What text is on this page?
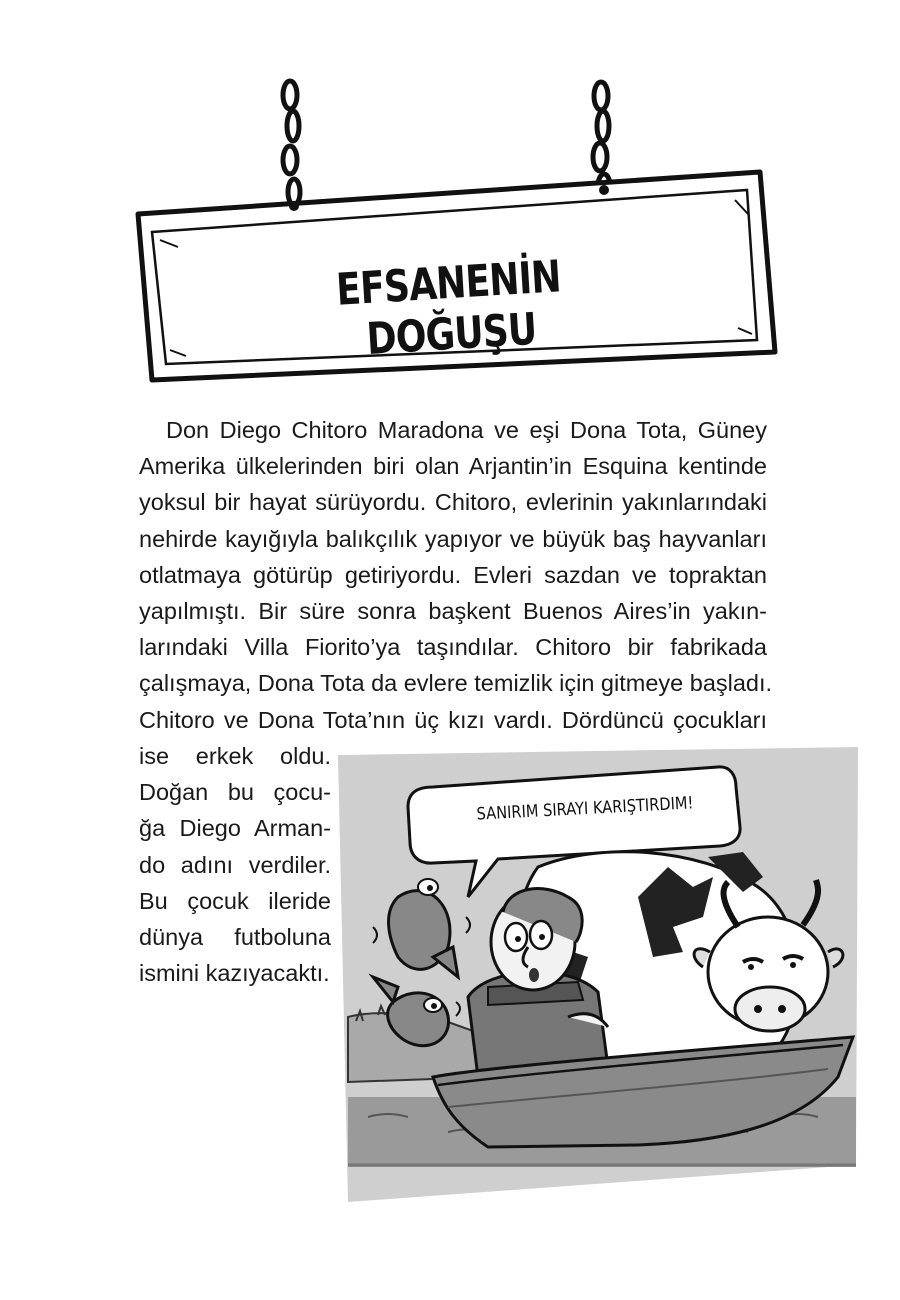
EFSANENİN DOĞUŞU
Don Diego Chitoro Maradona ve eşi Dona Tota, Güney
Amerika ülkelerinden biri olan Arjantin’in Esquina kentinde
yoksul bir hayat sürüyordu. Chitoro, evlerinin yakınlarındaki
nehirde kayığıyla balıkçılık yapıyor ve büyük baş hayvanları
otlatmaya götürüp getiriyordu. Evleri sazdan ve topraktan
yapılmıştı. Bir süre sonra başkent Buenos Aires’in yakın-
larındaki Villa Fiorito’ya taşındılar. Chitoro bir fabrikada
çalışmaya, Dona Tota da evlere temizlik için gitmeye başladı.
Chitoro ve Dona Tota’nın üç kızı vardı. Dördüncü çocukları
ise erkek oldu.
Doğan bu çocu-
ğa Diego Arman-
do adını verdiler.
Bu çocuk ileride
dünya futboluna
ismini kazıyacaktı.
SANIRIM SIRAYI KARIŞTIRDIM!
